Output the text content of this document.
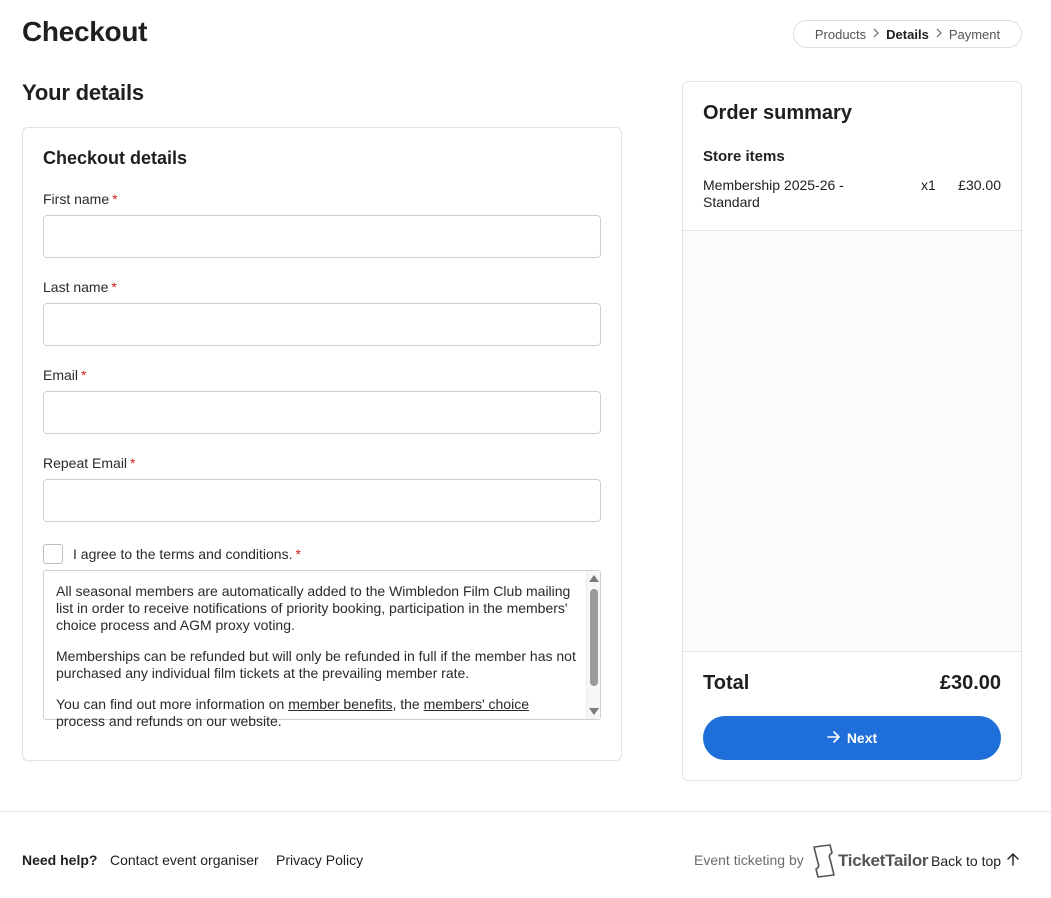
Checkout	Products Details Payment
Your details
Checkout details
First name *
Last name *
Email *
Repeat Email *
I agree to the terms and conditions. *

All seasonal members are automatically added to the Wimbledon Film Club mailing list in order to receive notifications of priority booking, participation in the members' choice process and AGM proxy voting.

Memberships can be refunded but will only be refunded in full if the member has not purchased any individual film tickets at the prevailing member rate.

You can find out more information on member benefits, the members' choice process and refunds on our website.

Order summary
Store items
Membership 2025-26 - Standard
x1 £30.00
Total	£30.00
Next
Need help? Contact event organiser Privacy Policy	Event ticketing by TicketTailor Back to top
